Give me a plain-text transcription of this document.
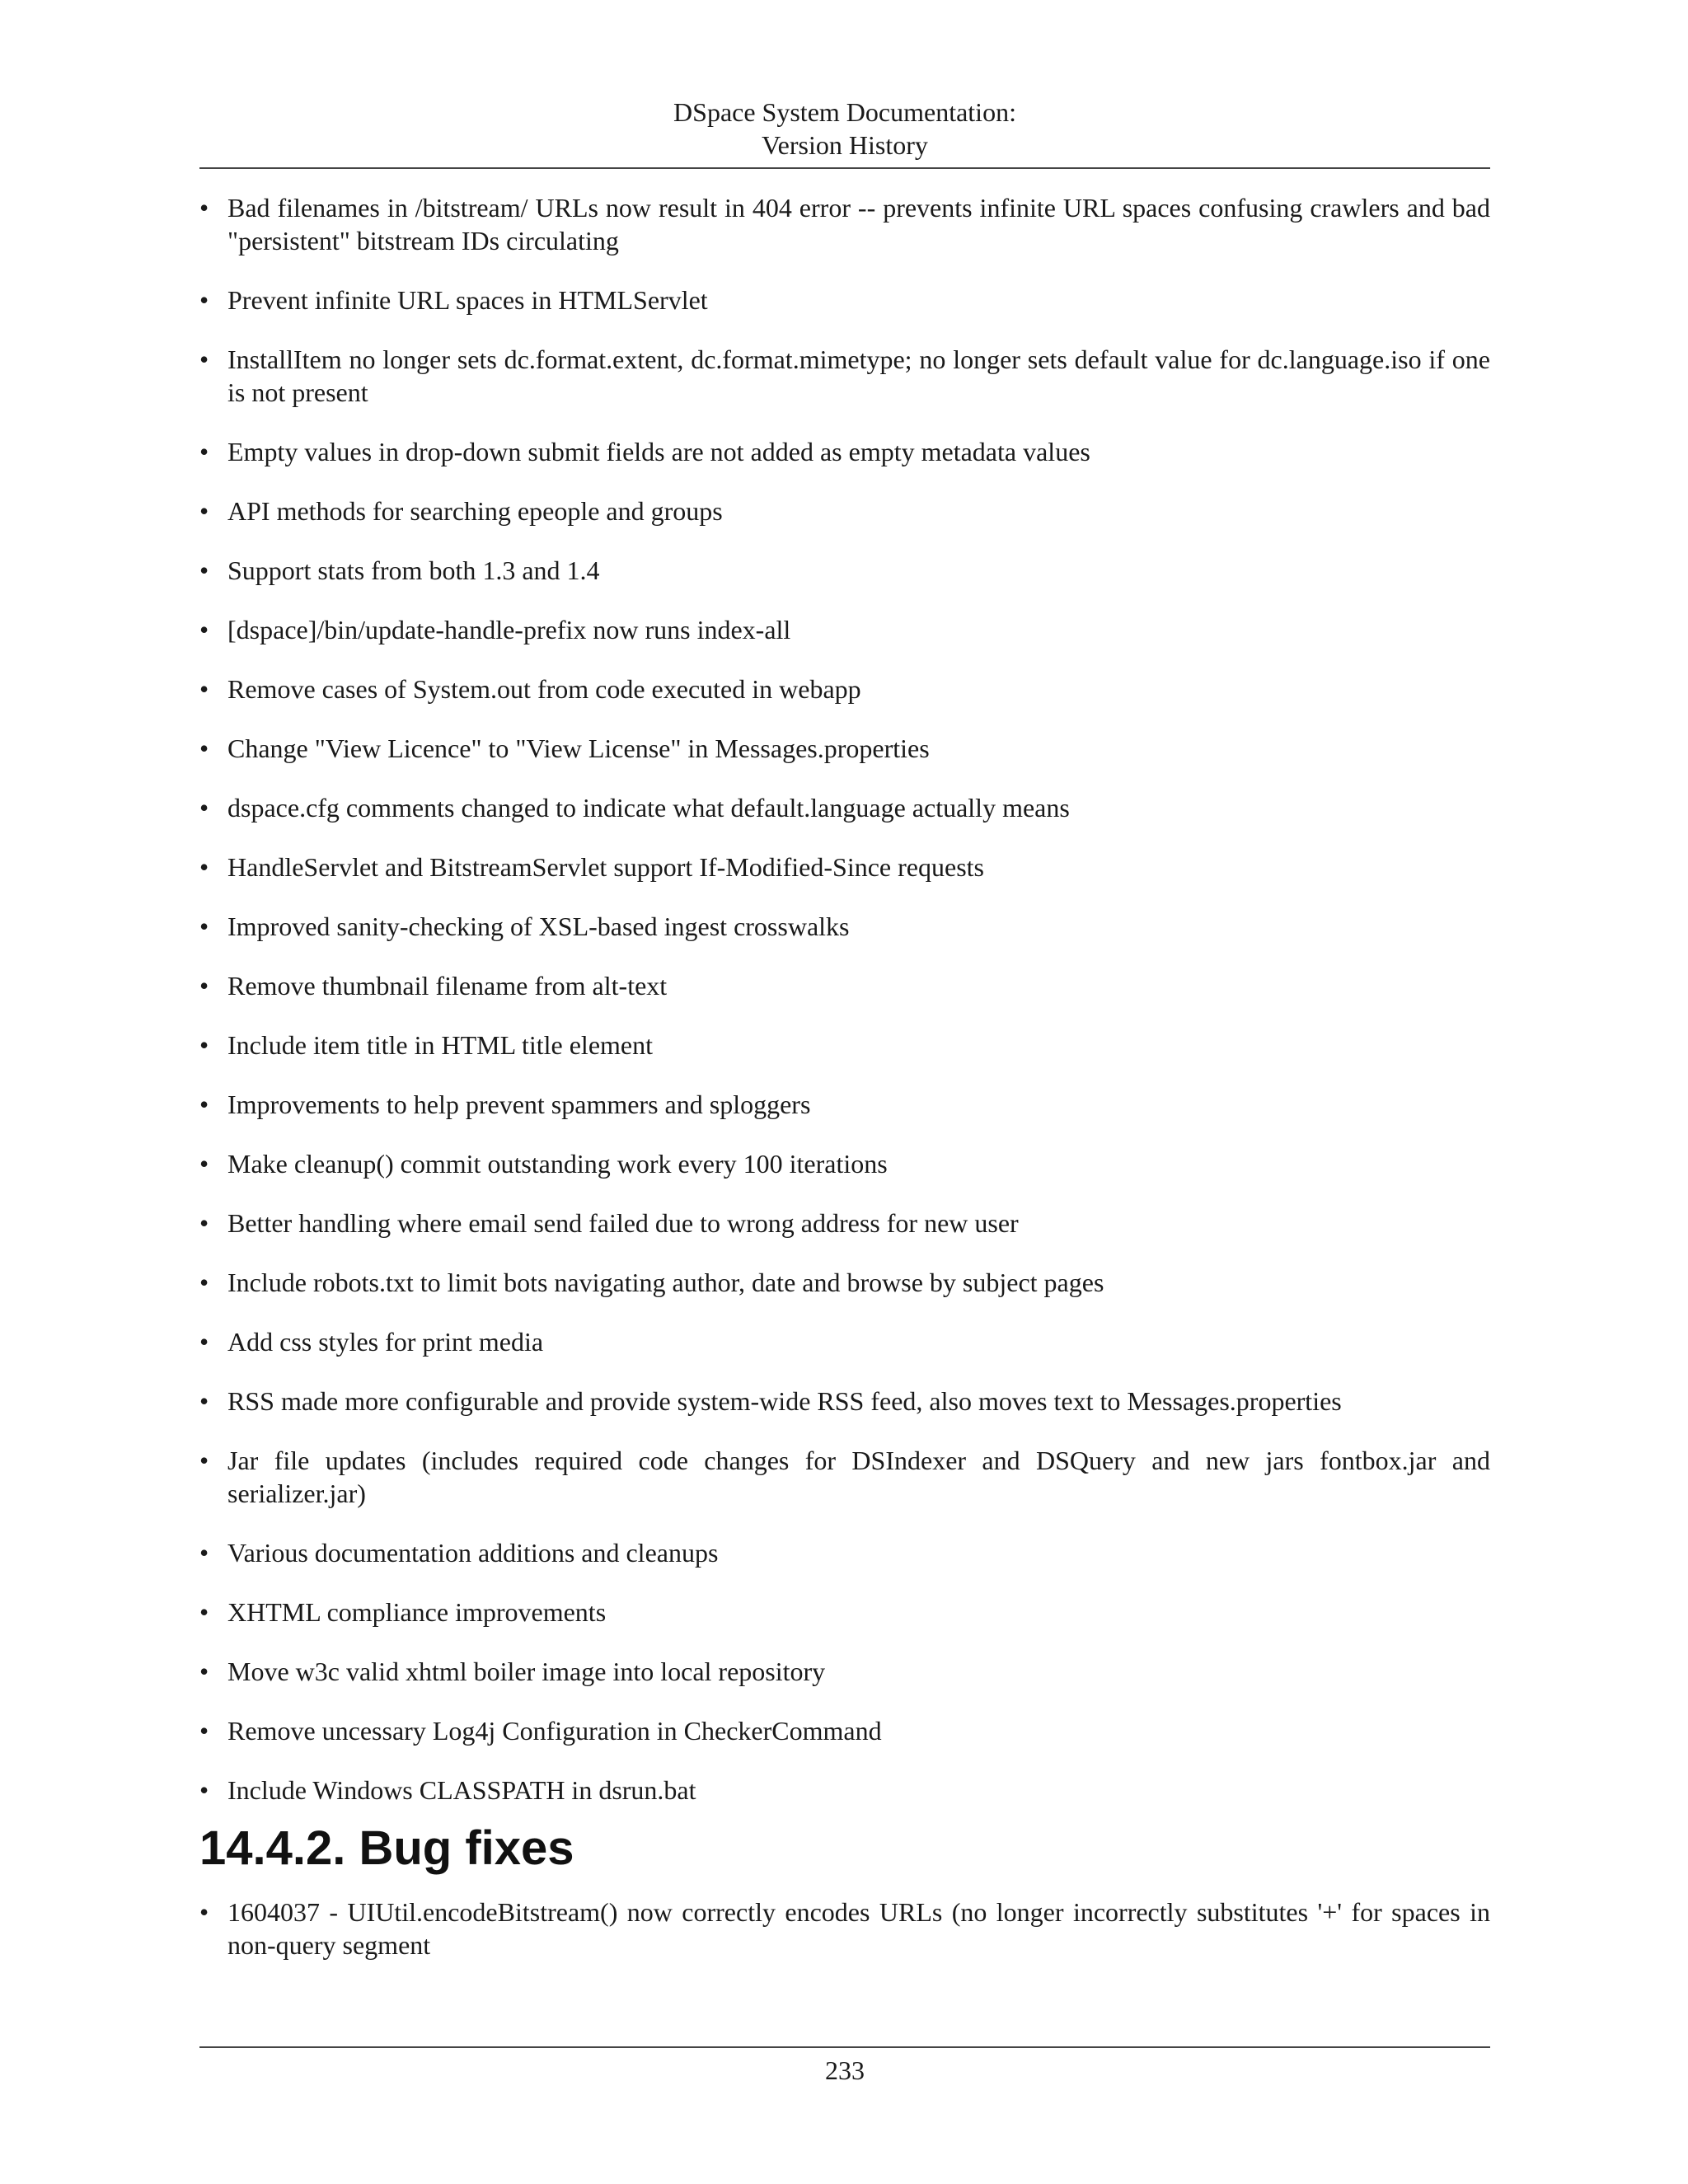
DSpace System Documentation:
Version History
• Bad filenames in /bitstream/ URLs now result in 404 error -- prevents infinite URL spaces confusing crawlers and bad "persistent" bitstream IDs circulating
• Prevent infinite URL spaces in HTMLServlet
• InstallItem no longer sets dc.format.extent, dc.format.mimetype; no longer sets default value for dc.language.iso if one is not present
• Empty values in drop-down submit fields are not added as empty metadata values
• API methods for searching epeople and groups
• Support stats from both 1.3 and 1.4
• [dspace]/bin/update-handle-prefix now runs index-all
• Remove cases of System.out from code executed in webapp
• Change "View Licence" to "View License" in Messages.properties
• dspace.cfg comments changed to indicate what default.language actually means
• HandleServlet and BitstreamServlet support If-Modified-Since requests
• Improved sanity-checking of XSL-based ingest crosswalks
• Remove thumbnail filename from alt-text
• Include item title in HTML title element
• Improvements to help prevent spammers and sploggers
• Make cleanup() commit outstanding work every 100 iterations
• Better handling where email send failed due to wrong address for new user
• Include robots.txt to limit bots navigating author, date and browse by subject pages
• Add css styles for print media
• RSS made more configurable and provide system-wide RSS feed, also moves text to Messages.properties
• Jar file updates (includes required code changes for DSIndexer and DSQuery and new jars fontbox.jar and serializer.jar)
• Various documentation additions and cleanups
• XHTML compliance improvements
• Move w3c valid xhtml boiler image into local repository
• Remove uncessary Log4j Configuration in CheckerCommand
• Include Windows CLASSPATH in dsrun.bat
14.4.2. Bug fixes
• 1604037 - UIUtil.encodeBitstream() now correctly encodes URLs (no longer incorrectly substitutes '+' for spaces in non-query segment
233
